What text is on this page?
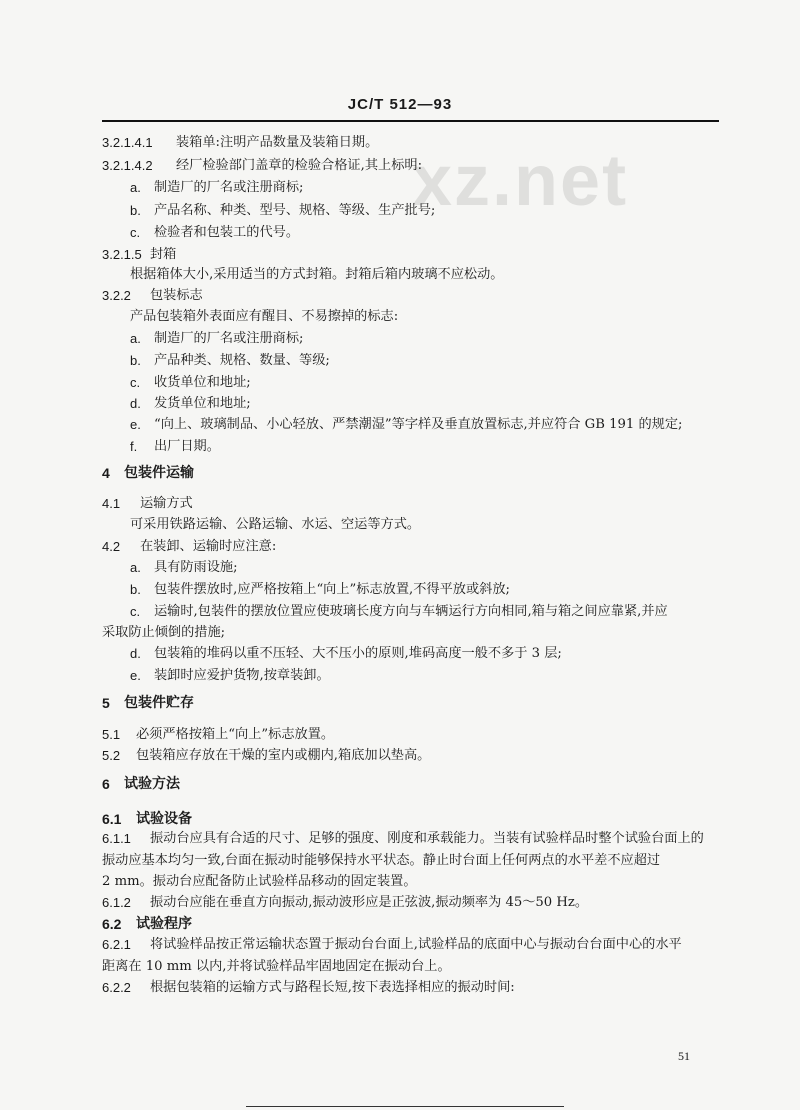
JC/T 512—93
xz.net
3.2.1.4.1 装箱单:注明产品数量及装箱日期。
3.2.1.4.2 经厂检验部门盖章的检验合格证,其上标明:
a. 制造厂的厂名或注册商标;
b. 产品名称、种类、型号、规格、等级、生产批号;
c. 检验者和包装工的代号。
3.2.1.5 封箱
根据箱体大小,采用适当的方式封箱。封箱后箱内玻璃不应松动。
3.2.2 包装标志
产品包装箱外表面应有醒目、不易擦掉的标志:
a. 制造厂的厂名或注册商标;
b. 产品种类、规格、数量、等级;
c. 收货单位和地址;
d. 发货单位和地址;
e. “向上、玻璃制品、小心轻放、严禁潮湿”等字样及垂直放置标志,并应符合 GB 191 的规定;
f. 出厂日期。
4 包装件运输
4.1 运输方式
可采用铁路运输、公路运输、水运、空运等方式。
4.2 在装卸、运输时应注意:
a. 具有防雨设施;
b. 包装件摆放时,应严格按箱上“向上”标志放置,不得平放或斜放;
c. 运输时,包装件的摆放位置应使玻璃长度方向与车辆运行方向相同,箱与箱之间应靠紧,并应
采取防止倾倒的措施;
d. 包装箱的堆码以重不压轻、大不压小的原则,堆码高度一般不多于 3 层;
e. 装卸时应爱护货物,按章装卸。
5 包装件贮存
5.1 必须严格按箱上“向上”标志放置。
5.2 包装箱应存放在干燥的室内或棚内,箱底加以垫高。
6 试验方法
6.1 试验设备
6.1.1 振动台应具有合适的尺寸、足够的强度、刚度和承载能力。当装有试验样品时整个试验台面上的
振动应基本均匀一致,台面在振动时能够保持水平状态。静止时台面上任何两点的水平差不应超过
2 mm。振动台应配备防止试验样品移动的固定装置。
6.1.2 振动台应能在垂直方向振动,振动波形应是正弦波,振动频率为 45～50 Hz。
6.2 试验程序
6.2.1 将试验样品按正常运输状态置于振动台台面上,试验样品的底面中心与振动台台面中心的水平
距离在 10 mm 以内,并将试验样品牢固地固定在振动台上。
6.2.2 根据包装箱的运输方式与路程长短,按下表选择相应的振动时间:
51
